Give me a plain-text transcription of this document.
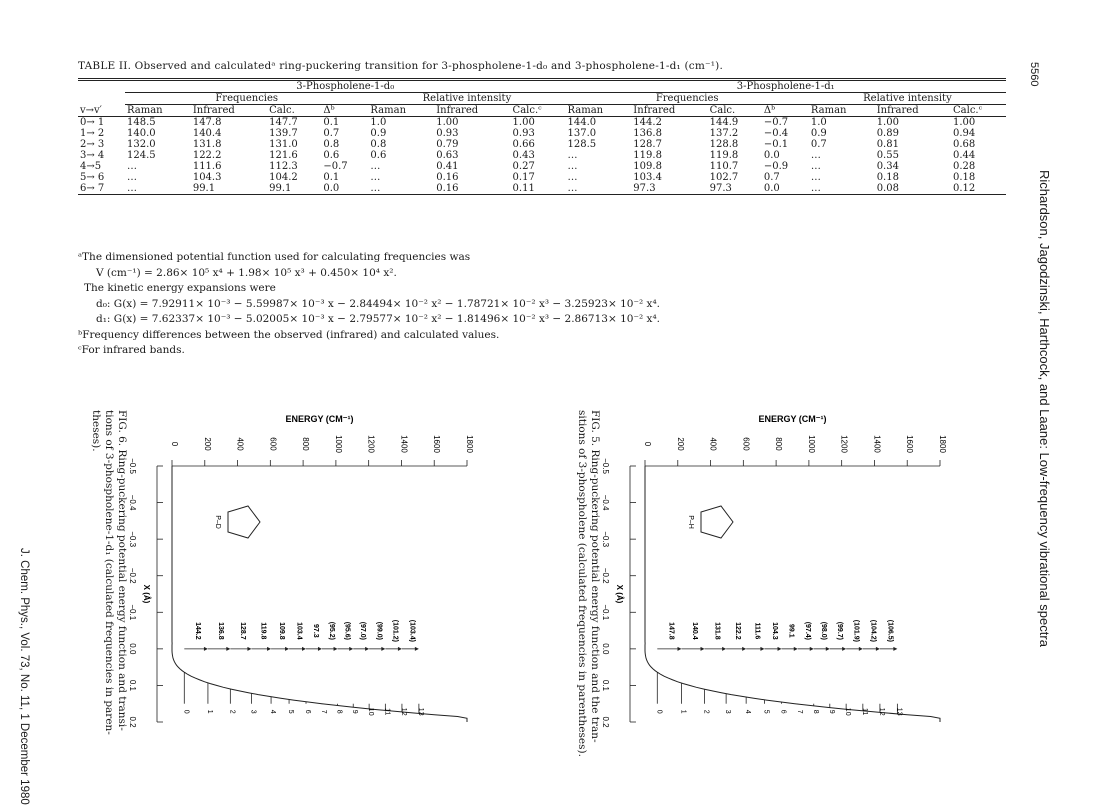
5560
Richardson, Jagodzinski, Harthcock, and Laane: Low-frequency vibrational spectra
J. Chem. Phys., Vol. 73, No. 11, 1 December 1980
TABLE II. Observed and calculatedᵃ ring-puckering transition for 3-phospholene-1-d₀ and 3-phospholene-1-d₁ (cm⁻¹).
	3-Phospholene-1-d₀							3-Phospholene-1-d₁						
	Frequencies				Relative intensity			Frequencies				Relative intensity		
v→v′	Raman	Infrared	Calc.	Δᵇ	Raman	Infrared	Calc.ᶜ	Raman	Infrared	Calc.	Δᵇ	Raman	Infrared	Calc.ᶜ
0→ 1	148.5	147.8	147.7	0.1	1.0	1.00	1.00	144.0	144.2	144.9	−0.7	1.0	1.00	1.00
1→ 2	140.0	140.4	139.7	0.7	0.9	0.93	0.93	137.0	136.8	137.2	−0.4	0.9	0.89	0.94
2→ 3	132.0	131.8	131.0	0.8	0.8	0.79	0.66	128.5	128.7	128.8	−0.1	0.7	0.81	0.68
3→ 4	124.5	122.2	121.6	0.6	0.6	0.63	0.43	…	119.8	119.8	0.0	…	0.55	0.44
4→5	…	111.6	112.3	−0.7	…	0.41	0.27	…	109.8	110.7	−0.9	…	0.34	0.28
5→ 6	…	104.3	104.2	0.1	…	0.16	0.17	…	103.4	102.7	0.7	…	0.18	0.18
6→ 7	…	99.1	99.1	0.0	…	0.16	0.11	…	97.3	97.3	0.0	…	0.08	0.12
ᵃThe dimensioned potential function used for calculating frequencies was
V (cm⁻¹) = 2.86× 10⁵ x⁴ + 1.98× 10⁵ x³ + 0.450× 10⁴ x².
The kinetic energy expansions were
d₀: G(x) = 7.92911× 10⁻³ − 5.59987× 10⁻³ x − 2.84494× 10⁻² x² − 1.78721× 10⁻² x³ − 3.25923× 10⁻² x⁴.
d₁: G(x) = 7.62337× 10⁻³ − 5.02005× 10⁻³ x − 2.79577× 10⁻² x² − 1.81496× 10⁻² x³ − 2.86713× 10⁻² x⁴.
ᵇFrequency differences between the observed (infrared) and calculated values.
ᶜFor infrared bands.
ENERGY (CM⁻¹)
0	200	400	600	800	1000	1200	1400	1600	1800
−0.5
−0.4
−0.3
−0.2
−0.1
0.0
0.1
0.2
X (Å)
0 1 2 3 4 5 6 7 8 9 10 11 12 13
144.2 136.8 128.7 119.8 109.8 103.4 97.3 (95.2) (95.6) (97.0) (99.0) (101.2) (103.4)
P–D
FIG. 6. Ring-puckering potential energy function and transi-
tions of 3-phospholene-1-d₁ (calculated frequencies in paren-
theses).	ENERGY (CM⁻¹)
0	200	400	600	800	1000	1200	1400	1600	1800
−0.5
−0.4
−0.3
−0.2
−0.1
0.0
0.1
0.2
X (Å)
0 1 2 3 4 5 6 7 8 9 10 11 12 13
147.8 140.4 131.8 122.2 111.6 104.3 99.1 (97.4) (98.0) (99.7) (101.9) (104.2) (106.5)
P–H
FIG. 5. Ring-puckering potential energy function and the tran-
sitions of 3-phospholene (calculated frequencies in parentheses).
